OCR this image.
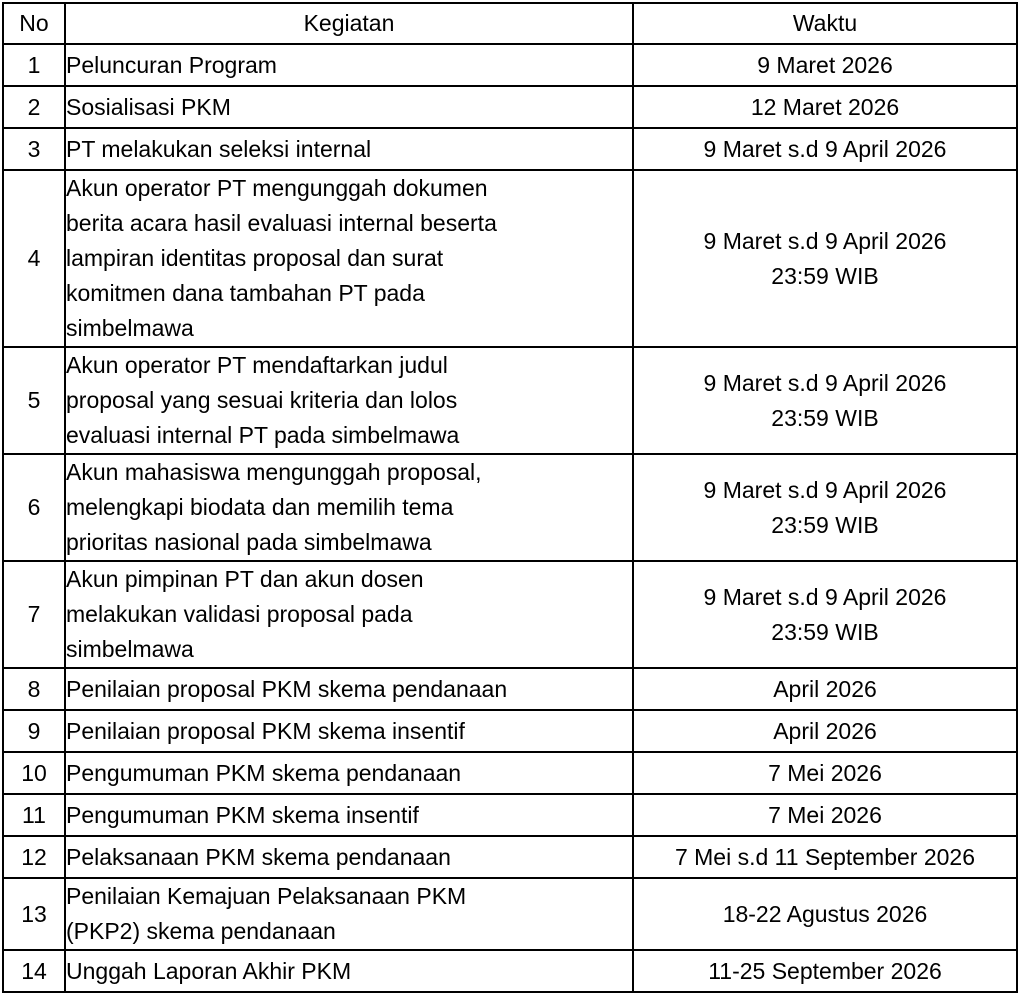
No	Kegiatan	Waktu
1	Peluncuran Program	9 Maret 2026

2	Sosialisasi PKM	12 Maret 2026

3	PT melakukan seleksi internal	9 Maret s.d 9 April 2026

4	Akun operator PT mengunggah dokumen
berita acara hasil evaluasi internal beserta
lampiran identitas proposal dan surat
komitmen dana tambahan PT pada
simbelmawa	9 Maret s.d 9 April 2026
23:59 WIB

5	Akun operator PT mendaftarkan judul
proposal yang sesuai kriteria dan lolos
evaluasi internal PT pada simbelmawa	9 Maret s.d 9 April 2026
23:59 WIB

6	Akun mahasiswa mengunggah proposal,
melengkapi biodata dan memilih tema
prioritas nasional pada simbelmawa	9 Maret s.d 9 April 2026
23:59 WIB

7	Akun pimpinan PT dan akun dosen
melakukan validasi proposal pada
simbelmawa	9 Maret s.d 9 April 2026
23:59 WIB

8	Penilaian proposal PKM skema pendanaan	April 2026

9	Penilaian proposal PKM skema insentif	April 2026

10	Pengumuman PKM skema pendanaan	7 Mei 2026

11	Pengumuman PKM skema insentif	7 Mei 2026

12	Pelaksanaan PKM skema pendanaan	7 Mei s.d 11 September 2026

13	Penilaian Kemajuan Pelaksanaan PKM
(PKP2) skema pendanaan	18-22 Agustus 2026

14	Unggah Laporan Akhir PKM	11-25 September 2026
